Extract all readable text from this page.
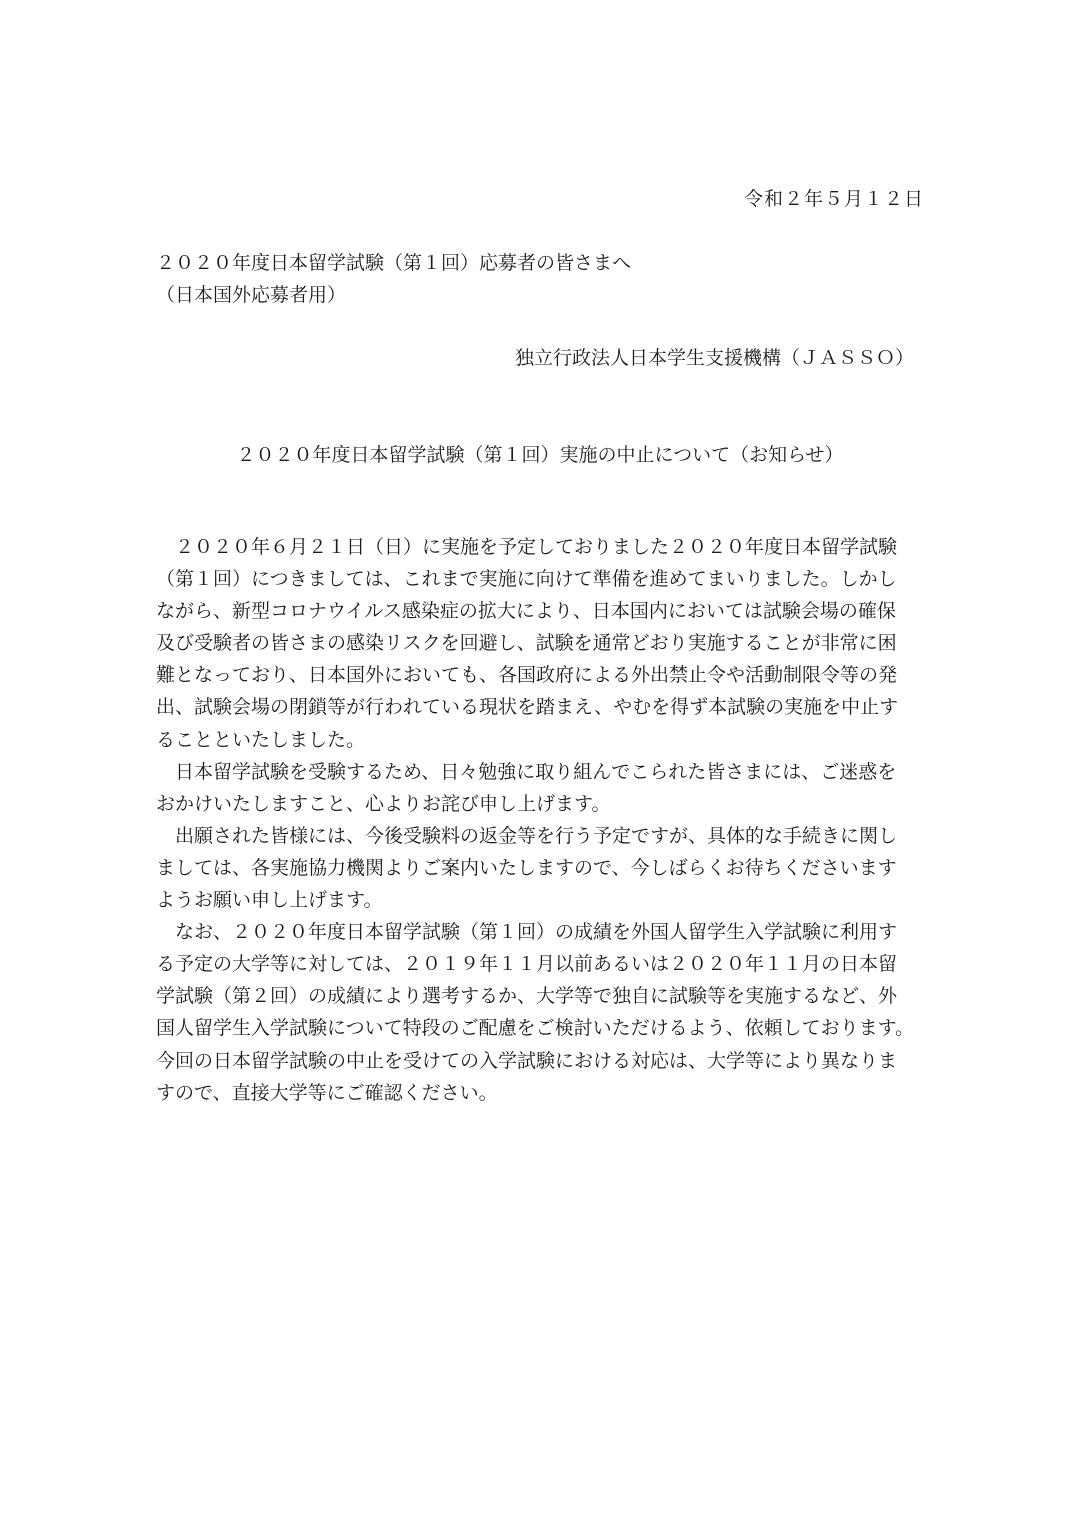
令和２年５月１２日
２０２０年度日本留学試験（第１回）応募者の皆さまへ
（日本国外応募者用）
独立行政法人日本学生支援機構（ＪＡＳＳＯ）
２０２０年度日本留学試験（第１回）実施の中止について（お知らせ）

２０２０年６月２１日（日）に実施を予定しておりました２０２０年度日本留学試験
（第１回）につきましては、これまで実施に向けて準備を進めてまいりました。しかし
ながら、新型コロナウイルス感染症の拡大により、日本国内においては試験会場の確保
及び受験者の皆さまの感染リスクを回避し、試験を通常どおり実施することが非常に困
難となっており、日本国外においても、各国政府による外出禁止令や活動制限令等の発
出、試験会場の閉鎖等が行われている現状を踏まえ、やむを得ず本試験の実施を中止す
ることといたしました。

日本留学試験を受験するため、日々勉強に取り組んでこられた皆さまには、ご迷惑を
おかけいたしますこと、心よりお詫び申し上げます。

出願された皆様には、今後受験料の返金等を行う予定ですが、具体的な手続きに関し
ましては、各実施協力機関よりご案内いたしますので、今しばらくお待ちくださいます
ようお願い申し上げます。

なお、２０２０年度日本留学試験（第１回）の成績を外国人留学生入学試験に利用す
る予定の大学等に対しては、２０１９年１１月以前あるいは２０２０年１１月の日本留
学試験（第２回）の成績により選考するか、大学等で独自に試験等を実施するなど、外
国人留学生入学試験について特段のご配慮をご検討いただけるよう、依頼しております。
今回の日本留学試験の中止を受けての入学試験における対応は、大学等により異なりま
すので、直接大学等にご確認ください。
